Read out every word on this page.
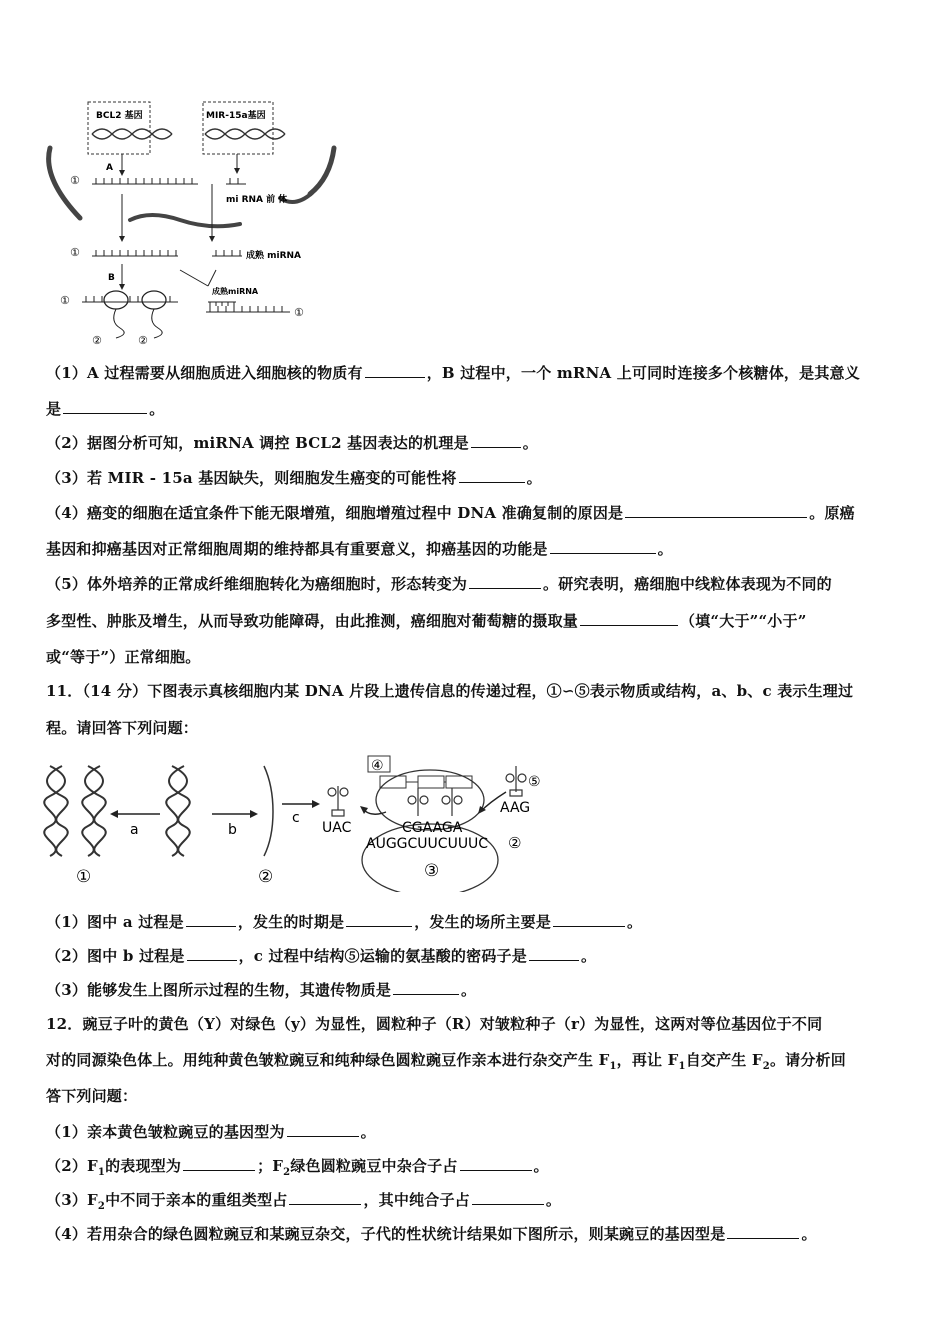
BCL2 基因	MIR-15a基因
A
①
mi RNA 前 体
①	成熟 miRNA
B
成熟miRNA
①
②	②
①
（1）A 过程需要从细胞质进入细胞核的物质有	，B 过程中，一个 mRNA 上可同时连接多个核糖体，是其意义
是	。
（2）据图分析可知，miRNA 调控 BCL2 基因表达的机理是	。
（3）若 MIR - 15a 基因缺失，则细胞发生癌变的可能性将	。
（4）癌变的细胞在适宜条件下能无限增殖，细胞增殖过程中 DNA 准确复制的原因是	。原癌
基因和抑癌基因对正常细胞周期的维持都具有重要意义，抑癌基因的功能是	。
（5）体外培养的正常成纤维细胞转化为癌细胞时，形态转变为	。研究表明，癌细胞中线粒体表现为不同的
多型性、肿胀及增生，从而导致功能障碍，由此推测，癌细胞对葡萄糖的摄取量	（填“大于”“小于”
或“等于”）正常细胞。
11．（14 分）下图表示真核细胞内某 DNA 片段上遗传信息的传递过程，①∽⑤表示物质或结构，a、b、c 表示生理过
程。请回答下列问题：
a	b
c
①	②
UAC
③
④
CGAAGA
AUGGCUUCUUUC ②
⑤
AAG
（1）图中 a 过程是	，发生的时期是	，发生的场所主要是	。
（2）图中 b 过程是	，c 过程中结构⑤运输的氨基酸的密码子是	。
（3）能够发生上图所示过程的生物，其遗传物质是	。
12．豌豆子叶的黄色（Y）对绿色（y）为显性，圆粒种子（R）对皱粒种子（r）为显性，这两对等位基因位于不同
对的同源染色体上。用纯种黄色皱粒豌豆和纯种绿色圆粒豌豆作亲本进行杂交产生 $F_1$，再让 $F_1$自交产生 $F_2$。请分析回
答下列问题：
（1）亲本黄色皱粒豌豆的基因型为	。
$(2)F_1$的表现型为	；$F_2$绿色圆粒豌豆中杂合子占	。
$(3)F_2$中不同于亲本的重组类型占	，其中纯合子占	。
（4）若用杂合的绿色圆粒豌豆和某豌豆杂交，子代的性状统计结果如下图所示，则某豌豆的基因型是	。
